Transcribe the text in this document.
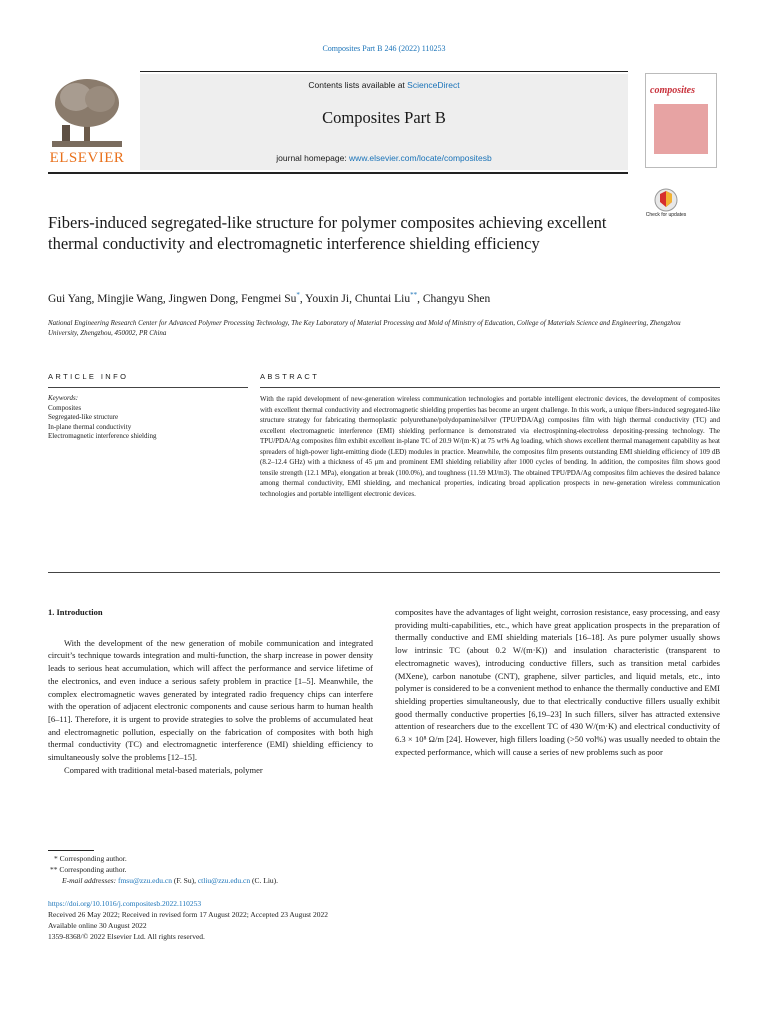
Composites Part B 246 (2022) 110253
ELSEVIER
Contents lists available at ScienceDirect
Composites Part B
journal homepage: www.elsevier.com/locate/compositesb
composites
Check for updates
Fibers-induced segregated-like structure for polymer composites achieving excellent thermal conductivity and electromagnetic interference shielding efficiency
Gui Yang, Mingjie Wang, Jingwen Dong, Fengmei Su*, Youxin Ji, Chuntai Liu**, Changyu Shen
National Engineering Research Center for Advanced Polymer Processing Technology, The Key Laboratory of Material Processing and Mold of Ministry of Education, College of Materials Science and Engineering, Zhengzhou University, Zhengzhou, 450002, PR China
ARTICLE INFO	ABSTRACT
Keywords:
Composites
Segregated-like structure
In-plane thermal conductivity
Electromagnetic interference shielding
With the rapid development of new-generation wireless communication technologies and portable intelligent electronic devices, the development of composites with excellent thermal conductivity and electromagnetic shielding properties has become an urgent challenge. In this work, a unique fibers-induced segregated-like structure strategy for fabricating thermoplastic polyurethane/polydopamine/silver (TPU/PDA/Ag) composites film with high thermal conductivity (TC) and excellent electromagnetic interference (EMI) shielding performance is demonstrated via electrospinning-electroless depositing-pressing technology. The TPU/PDA/Ag composites film exhibit excellent in-plane TC of 20.9 W/(m·K) at 75 wt% Ag loading, which shows excellent thermal management capability as heat spreaders of high-power light-emitting diode (LED) modules in practice. Meanwhile, the composites film presents outstanding EMI shielding efficiency of 109 dB (8.2–12.4 GHz) with a thickness of 45 μm and prominent EMI shielding reliability after 1000 cycles of bending. In addition, the composites film shows good tensile strength (12.1 MPa), elongation at break (100.0%), and toughness (11.59 MJ/m3). The obtained TPU/PDA/Ag composites film achieves the desired balance among thermal conductivity, EMI shielding, and mechanical properties, indicating broad application prospects in new-generation wireless communication technologies and portable intelligent electronic devices.
1. Introduction

With the development of the new generation of mobile communication and integrated circuit’s technique towards integration and multi-function, the sharp increase in power density leads to serious heat accumulation, which will affect the performance and service lifetime of the electronics, and even induce a serious safety problem in practice [1–5]. Meanwhile, the complex electromagnetic waves generated by integrated radio frequency chips can interfere with the operation of adjacent electronic components and cause serious harm to human health [6–11]. Therefore, it is urgent to provide strategies to solve the problems of accumulated heat and electromagnetic pollution, especially on the fabrication of composites with both high thermal conductivity (TC) and electromagnetic interference (EMI) shielding efficiency to simultaneously solve the problems [12–15].

Compared with traditional metal-based materials, polymer

composites have the advantages of light weight, corrosion resistance, easy processing, and easy providing multi-capabilities, etc., which have great application prospects in the preparation of thermally conductive and EMI shielding materials [16–18]. As pure polymer usually shows low intrinsic TC (about 0.2 W/(m·K)) and insulation characteristic (transparent to electromagnetic waves), introducing conductive fillers, such as transition metal carbides (MXene), carbon nanotube (CNT), graphene, silver particles, and liquid metals, etc., into polymer is considered to be a convenient method to enhance the thermally conductive and EMI shielding properties simultaneously, due to that electrically conductive fillers usually exhibit good thermally conductive properties [6,19–23] In such fillers, silver has attracted extensive attention of researchers due to the excellent TC of 430 W/(m·K) and electrical conductivity of 6.3 × 10⁸ Ω/m [24]. However, high fillers loading (>50 vol%) was usually needed to obtain the expected performance, which will cause a series of new problems such as poor

* Corresponding author.
** Corresponding author.
E-mail addresses: fmsu@zzu.edu.cn (F. Su), ctliu@zzu.edu.cn (C. Liu).
https://doi.org/10.1016/j.compositesb.2022.110253
Received 26 May 2022; Received in revised form 17 August 2022; Accepted 23 August 2022
Available online 30 August 2022
1359-8368/© 2022 Elsevier Ltd. All rights reserved.
